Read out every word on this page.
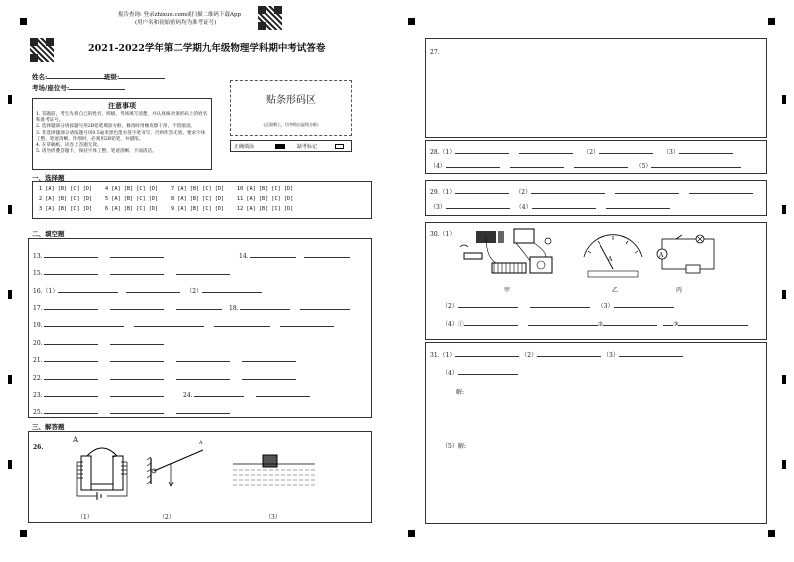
报告查询: 登录zhixue.com或扫描二维码下载App
(用户名和初始密码均为准考证号)
2021-2022学年第二学期九年级物理学科期中考试答卷
姓名:	班级:
考场/座位号:
注意事项
1. 答题前，考生先将自己的姓名、班级、考场填写清楚，并认真核对条形码上的姓名和准考证号。
2. 选择题部分请按题号用2B铅笔填涂方框，修改时用橡皮擦干净，不留痕迹。
3. 非选择题部分请按题号用0.5毫米黑色墨水签字笔书写，否则作答无效。要求字体工整、笔迹清晰。作图时，必须用2B铅笔，并描浓。
4. 在草稿纸、试卷上答题无效。
5. 请勿折叠答题卡，保持字体工整、笔迹清晰、卡面清洁。
贴条形码区
(正面朝上，切勿贴出虚线方框)
正确填涂	缺考标记
一、选择题
1 [A] [B] [C] [D] 4 [A] [B] [C] [D] 7 [A] [B] [C] [D] 10 [A] [B] [C] [D]
2 [A] [B] [C] [D] 5 [A] [B] [C] [D] 8 [A] [B] [C] [D] 11 [A] [B] [C] [D]
3 [A] [B] [C] [D] 6 [A] [B] [C] [D] 9 [A] [B] [C] [D] 12 [A] [B] [C] [D]
二、填空题
13.	14.
15.
16.（1）	（2）
17.	18.
19.
20.
21.
22.
23.	24.
25.
三、解答题
26.
A
（1）
A
（2）	（3）
27.
28.（1）	（2）	（3）
（4）	（5）
29.（1）	（2）
（3）	（4）
30.（1）
甲
A
乙
A
丙
（2）	（3）
（4）①	②	③
31.（1）	（2）	（3）
（4）
解:
（5）解:
